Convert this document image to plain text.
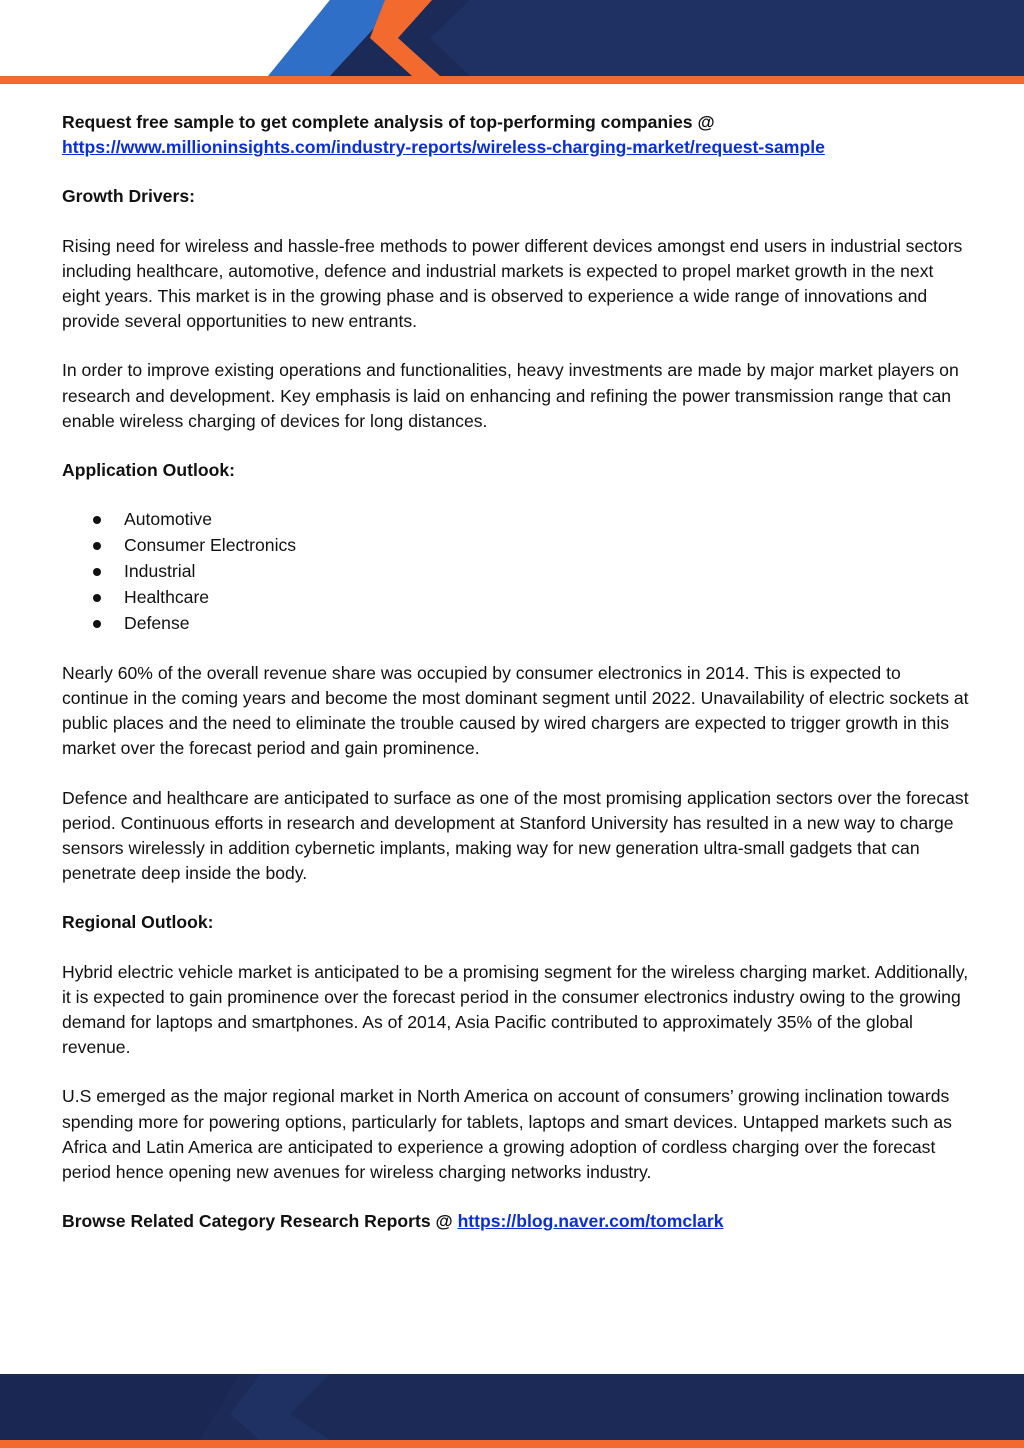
Request free sample to get complete analysis of top-performing companies @
https://www.millioninsights.com/industry-reports/wireless-charging-market/request-sample

Growth Drivers:

Rising need for wireless and hassle-free methods to power different devices amongst end users in industrial sectors including healthcare, automotive, defence and industrial markets is expected to propel market growth in the next eight years. This market is in the growing phase and is observed to experience a wide range of innovations and provide several opportunities to new entrants.

In order to improve existing operations and functionalities, heavy investments are made by major market players on research and development. Key emphasis is laid on enhancing and refining the power transmission range that can enable wireless charging of devices for long distances.

Application Outlook:
Automotive
Consumer Electronics
Industrial
Healthcare
Defense

Nearly 60% of the overall revenue share was occupied by consumer electronics in 2014. This is expected to continue in the coming years and become the most dominant segment until 2022. Unavailability of electric sockets at public places and the need to eliminate the trouble caused by wired chargers are expected to trigger growth in this market over the forecast period and gain prominence.

Defence and healthcare are anticipated to surface as one of the most promising application sectors over the forecast period. Continuous efforts in research and development at Stanford University has resulted in a new way to charge sensors wirelessly in addition cybernetic implants, making way for new generation ultra-small gadgets that can penetrate deep inside the body.

Regional Outlook:

Hybrid electric vehicle market is anticipated to be a promising segment for the wireless charging market. Additionally, it is expected to gain prominence over the forecast period in the consumer electronics industry owing to the growing demand for laptops and smartphones. As of 2014, Asia Pacific contributed to approximately 35% of the global revenue.

U.S emerged as the major regional market in North America on account of consumers’ growing inclination towards spending more for powering options, particularly for tablets, laptops and smart devices. Untapped markets such as Africa and Latin America are anticipated to experience a growing adoption of cordless charging over the forecast period hence opening new avenues for wireless charging networks industry.

Browse Related Category Research Reports @ https://blog.naver.com/tomclark
